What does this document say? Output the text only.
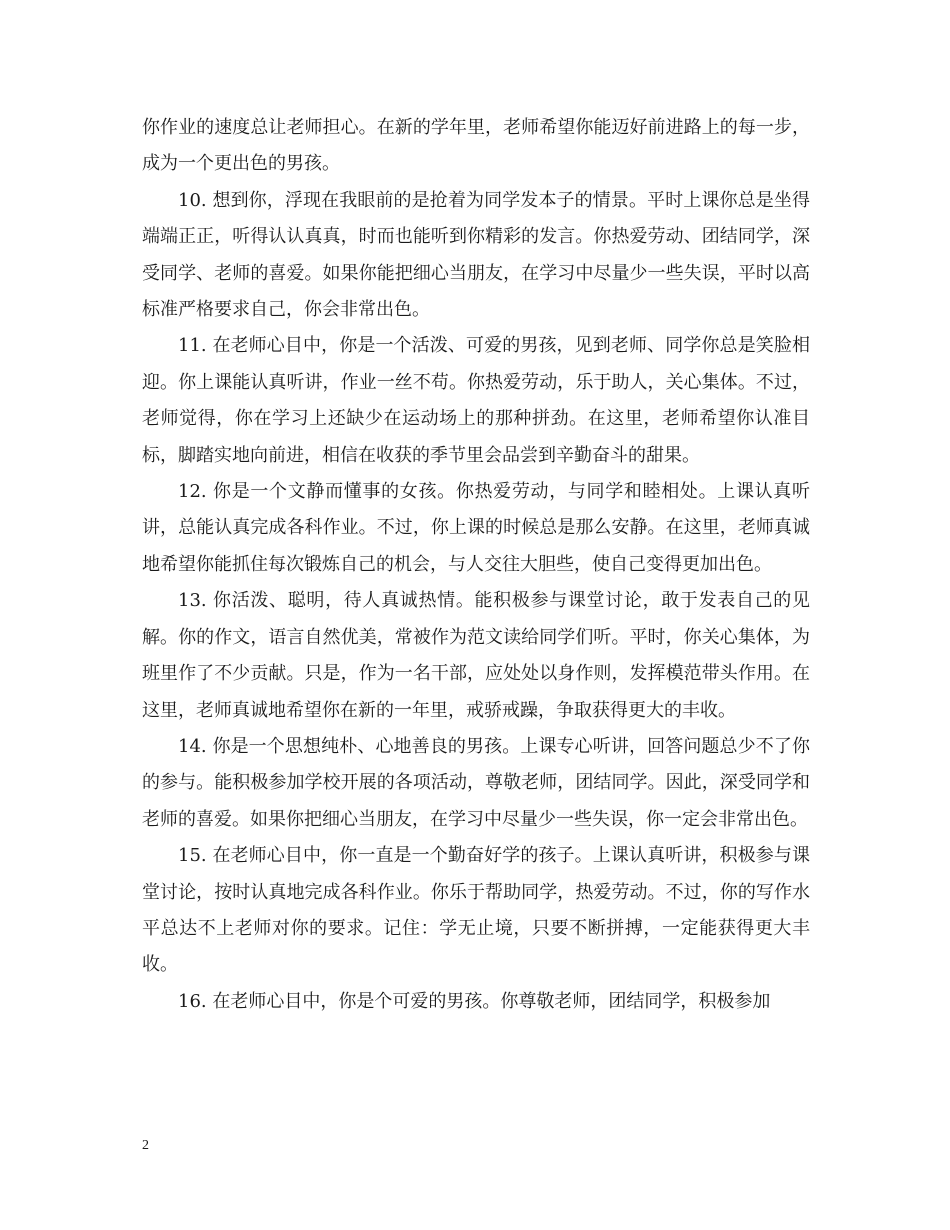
你作业的速度总让老师担心。在新的学年里，老师希望你能迈好前进路上的每一步，成为一个更出色的男孩。

10. 想到你，浮现在我眼前的是抢着为同学发本子的情景。平时上课你总是坐得端端正正，听得认认真真，时而也能听到你精彩的发言。你热爱劳动、团结同学，深受同学、老师的喜爱。如果你能把细心当朋友，在学习中尽量少一些失误，平时以高标准严格要求自己，你会非常出色。

11. 在老师心目中，你是一个活泼、可爱的男孩，见到老师、同学你总是笑脸相迎。你上课能认真听讲，作业一丝不苟。你热爱劳动，乐于助人，关心集体。不过，老师觉得，你在学习上还缺少在运动场上的那种拼劲。在这里，老师希望你认准目标，脚踏实地向前进，相信在收获的季节里会品尝到辛勤奋斗的甜果。

12. 你是一个文静而懂事的女孩。你热爱劳动，与同学和睦相处。上课认真听讲，总能认真完成各科作业。不过，你上课的时候总是那么安静。在这里，老师真诚地希望你能抓住每次锻炼自己的机会，与人交往大胆些，使自己变得更加出色。

13. 你活泼、聪明，待人真诚热情。能积极参与课堂讨论，敢于发表自己的见解。你的作文，语言自然优美，常被作为范文读给同学们听。平时，你关心集体，为班里作了不少贡献。只是，作为一名干部，应处处以身作则，发挥模范带头作用。在这里，老师真诚地希望你在新的一年里，戒骄戒躁，争取获得更大的丰收。

14. 你是一个思想纯朴、心地善良的男孩。上课专心听讲，回答问题总少不了你的参与。能积极参加学校开展的各项活动，尊敬老师，团结同学。因此，深受同学和老师的喜爱。如果你把细心当朋友，在学习中尽量少一些失误，你一定会非常出色。

15. 在老师心目中，你一直是一个勤奋好学的孩子。上课认真听讲，积极参与课堂讨论，按时认真地完成各科作业。你乐于帮助同学，热爱劳动。不过，你的写作水平总达不上老师对你的要求。记住：学无止境，只要不断拼搏，一定能获得更大丰收。

16. 在老师心目中，你是个可爱的男孩。你尊敬老师，团结同学，积极参加

2
